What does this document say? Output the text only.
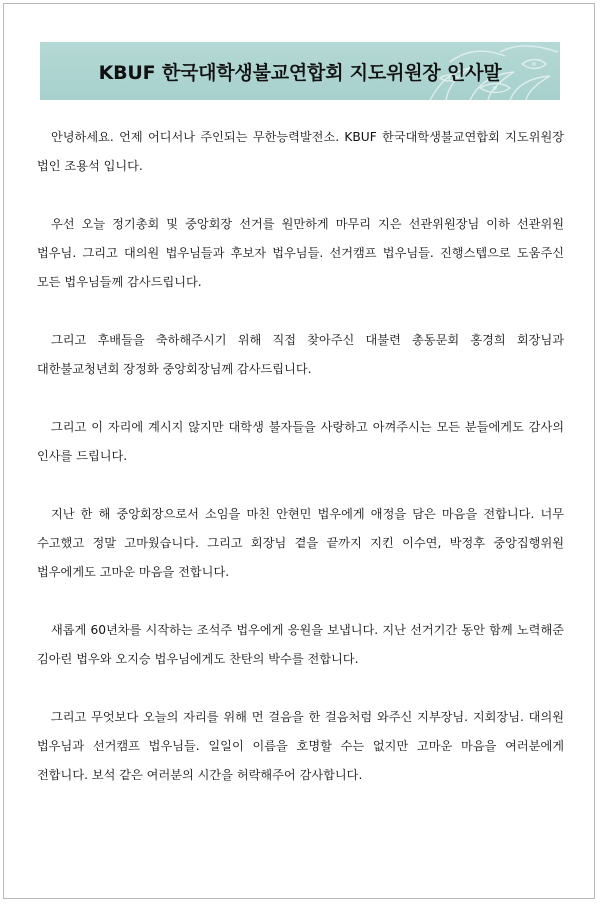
KBUF 한국대학생불교연합회 지도위원장 인사말

안녕하세요. 언제 어디서나 주인되는 무한능력발전소. KBUF 한국대학생불교연합회 지도위원장 법인 조용석 입니다.

우선 오늘 정기총회 및 중앙회장 선거를 원만하게 마무리 지은 선관위원장님 이하 선관위원 법우님. 그리고 대의원 법우님들과 후보자 법우님들. 선거캠프 법우님들. 진행스텝으로 도움주신 모든 법우님들께 감사드립니다.

그리고 후배들을 축하해주시기 위해 직접 찾아주신 대불련 총동문회 홍경희 회장님과 대한불교청년회 장정화 중앙회장님께 감사드립니다.

그리고 이 자리에 계시지 않지만 대학생 불자들을 사랑하고 아껴주시는 모든 분들에게도 감사의 인사를 드립니다.

지난 한 해 중앙회장으로서 소임을 마친 안현민 법우에게 애정을 담은 마음을 전합니다. 너무 수고했고 정말 고마웠습니다. 그리고 회장님 곁을 끝까지 지킨 이수연, 박정후 중앙집행위원 법우에게도 고마운 마음을 전합니다.

새롭게 60년차를 시작하는 조석주 법우에게 응원을 보냅니다. 지난 선거기간 동안 함께 노력해준 김아린 법우와 오지승 법우님에게도 찬탄의 박수를 전합니다.

그리고 무엇보다 오늘의 자리를 위해 먼 걸음을 한 걸음처럼 와주신 지부장님. 지회장님. 대의원 법우님과 선거캠프 법우님들. 일일이 이름을 호명할 수는 없지만 고마운 마음을 여러분에게 전합니다. 보석 같은 여러분의 시간을 허락해주어 감사합니다.
